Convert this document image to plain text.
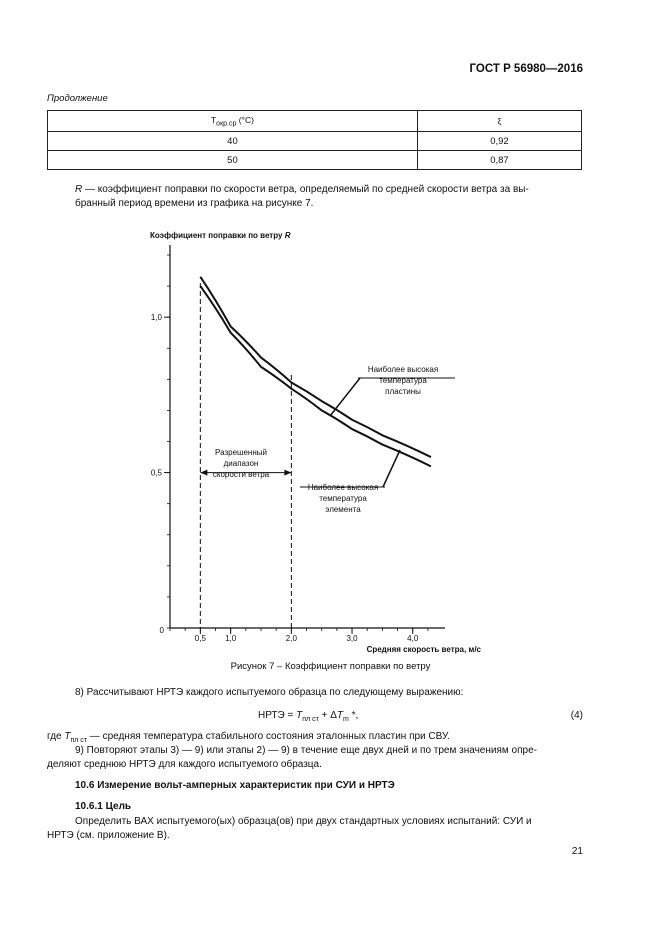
ГОСТ Р 56980—2016
Продолжение
$T_{окр.ср}$ (°С)	ξ
40	0,92
50	0,87
R — коэффициент поправки по скорости ветра, определяемый по средней скорости ветра за вы-
бранный период времени из графика на рисунке 7.
0,5
1,0
0
0,5 1,0	2,0	3,0	4,0
Коэффициент поправки по ветру R
Средняя скорость ветра, м/с
Разрешенный
диапазон
скорости ветра
Наиболее высокая
температура
пластины
Наиболее высокая
температура
элемента
Рисунок 7 – Коэффициент поправки по ветру
8) Рассчитывают НРТЭ каждого испытуемого образца по следующему выражению:
НРТЭ = $T_{пл ст} + \Delta T_m$ *,	(4)
где $T_{пл ст}$ — средняя температура стабильного состояния эталонных пластин при СВУ.
9) Повторяют этапы 3) — 9) или этапы 2) — 9) в течение еще двух дней и по трем значениям опре-
деляют среднюю НРТЭ для каждого испытуемого образца.
10.6 Измерение вольт-амперных характеристик при СУИ и НРТЭ
10.6.1 Цель
Определить ВАХ испытуемого(ых) образца(ов) при двух стандартных условиях испытаний: СУИ и
НРТЭ (см. приложение В).
21
